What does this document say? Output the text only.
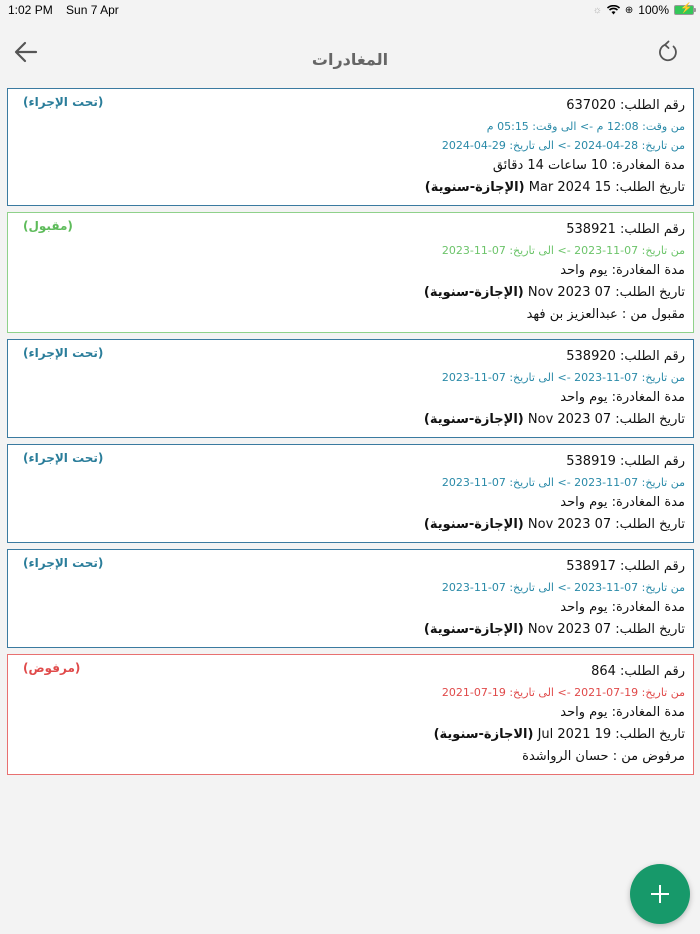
1:02 PM Sun 7 Apr	☼ ⊕ 100% ⚡
المغادرات
(تحت الإجراء)	رقم الطلب: 637020
من وقت: 12:08 م -> الى وقت: 05:15 م
من تاريخ: 28-04-2024 -> الى تاريخ: 29-04-2024
مدة المغادرة: 10 ساعات 14 دقائق
تاريخ الطلب: 15 Mar 2024 (الإجازة-سنوية)
(مقبول)	رقم الطلب: 538921
من تاريخ: 07-11-2023 -> الى تاريخ: 07-11-2023
مدة المغادرة: يوم واحد
تاريخ الطلب: 07 Nov 2023 (الإجازة-سنوية)
مقبول من : عبدالعزيز بن فهد
(تحت الإجراء)	رقم الطلب: 538920
من تاريخ: 07-11-2023 -> الى تاريخ: 07-11-2023
مدة المغادرة: يوم واحد
تاريخ الطلب: 07 Nov 2023 (الإجازة-سنوية)
(تحت الإجراء)	رقم الطلب: 538919
من تاريخ: 07-11-2023 -> الى تاريخ: 07-11-2023
مدة المغادرة: يوم واحد
تاريخ الطلب: 07 Nov 2023 (الإجازة-سنوية)
(تحت الإجراء)	رقم الطلب: 538917
من تاريخ: 07-11-2023 -> الى تاريخ: 07-11-2023
مدة المغادرة: يوم واحد
تاريخ الطلب: 07 Nov 2023 (الإجازة-سنوية)
(مرفوض)	رقم الطلب: 864
من تاريخ: 19-07-2021 -> الى تاريخ: 19-07-2021
مدة المغادرة: يوم واحد
تاريخ الطلب: 19 Jul 2021 (الاجازة-سنوية)
مرفوض من : حسان الرواشدة
